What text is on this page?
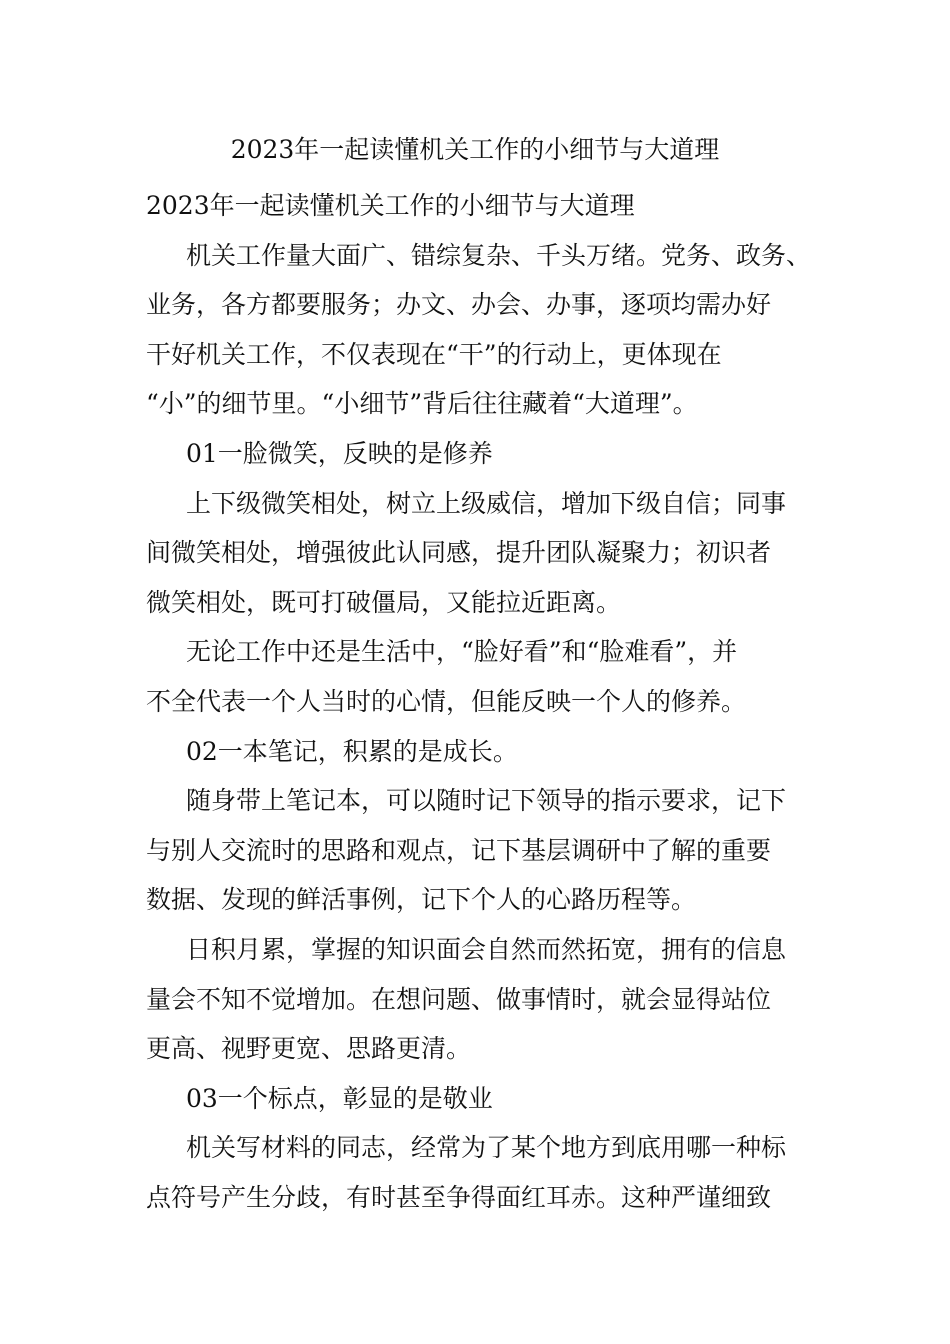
2023年一起读懂机关工作的小细节与大道理

2023年一起读懂机关工作的小细节与大道理

机关工作量大面广、错综复杂、千头万绪。党务、政务、

业务，各方都要服务；办文、办会、办事，逐项均需办好

干好机关工作，不仅表现在“干”的行动上，更体现在

“小”的细节里。“小细节”背后往往藏着“大道理”。

01一脸微笑，反映的是修养

上下级微笑相处，树立上级威信，增加下级自信；同事

间微笑相处，增强彼此认同感，提升团队凝聚力；初识者

微笑相处，既可打破僵局，又能拉近距离。

无论工作中还是生活中，“脸好看”和“脸难看”，并

不全代表一个人当时的心情，但能反映一个人的修养。

02一本笔记，积累的是成长。

随身带上笔记本，可以随时记下领导的指示要求，记下

与别人交流时的思路和观点，记下基层调研中了解的重要

数据、发现的鲜活事例，记下个人的心路历程等。

日积月累，掌握的知识面会自然而然拓宽，拥有的信息

量会不知不觉增加。在想问题、做事情时，就会显得站位

更高、视野更宽、思路更清。

03一个标点，彰显的是敬业

机关写材料的同志，经常为了某个地方到底用哪一种标

点符号产生分歧，有时甚至争得面红耳赤。这种严谨细致
